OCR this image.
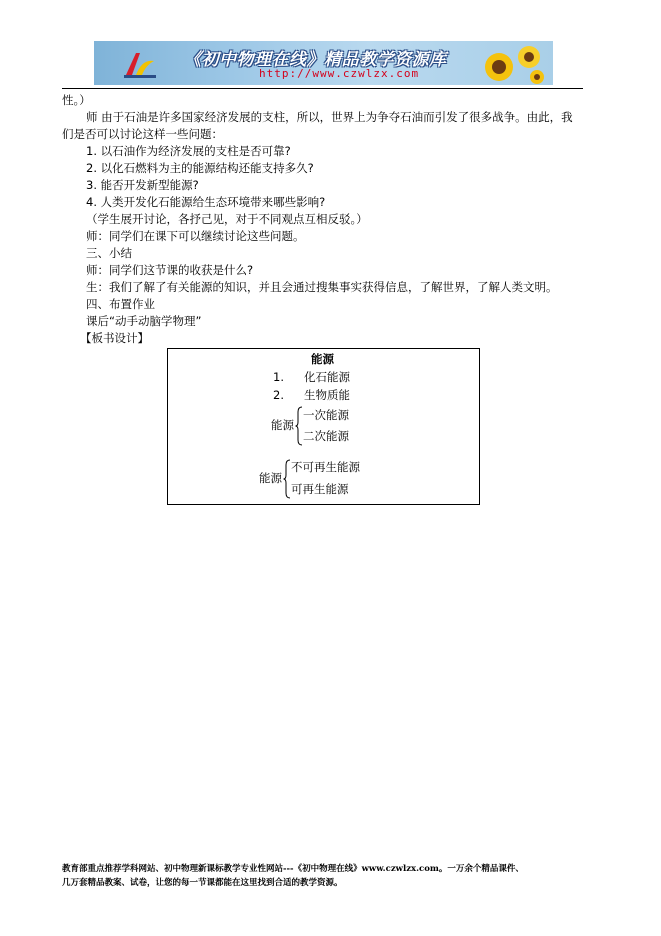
《初中物理在线》精品教学资源库
http://www.czwlzx.com
性。）
师 由于石油是许多国家经济发展的支柱，所以，世界上为争夺石油而引发了很多战争。由此，我
们是否可以讨论这样一些问题：
1. 以石油作为经济发展的支柱是否可靠?
2. 以化石燃料为主的能源结构还能支持多久?
3. 能否开发新型能源?
4. 人类开发化石能源给生态环境带来哪些影响?
（学生展开讨论，各抒己见，对于不同观点互相反驳。）
师：同学们在课下可以继续讨论这些问题。
三、小结
师：同学们这节课的收获是什么?
生：我们了解了有关能源的知识，并且会通过搜集事实获得信息，了解世界，了解人类文明。
四、布置作业
课后“动手动脑学物理”
【板书设计】
能源
1. 化石能源
2. 生物质能
能源
一次能源
二次能源
能源
不可再生能源
可再生能源
教育部重点推荐学科网站、初中物理新课标教学专业性网站---《初中物理在线》www.czwlzx.com。一万余个精品课件、
几万套精品教案、试卷，让您的每一节课都能在这里找到合适的教学资源。
